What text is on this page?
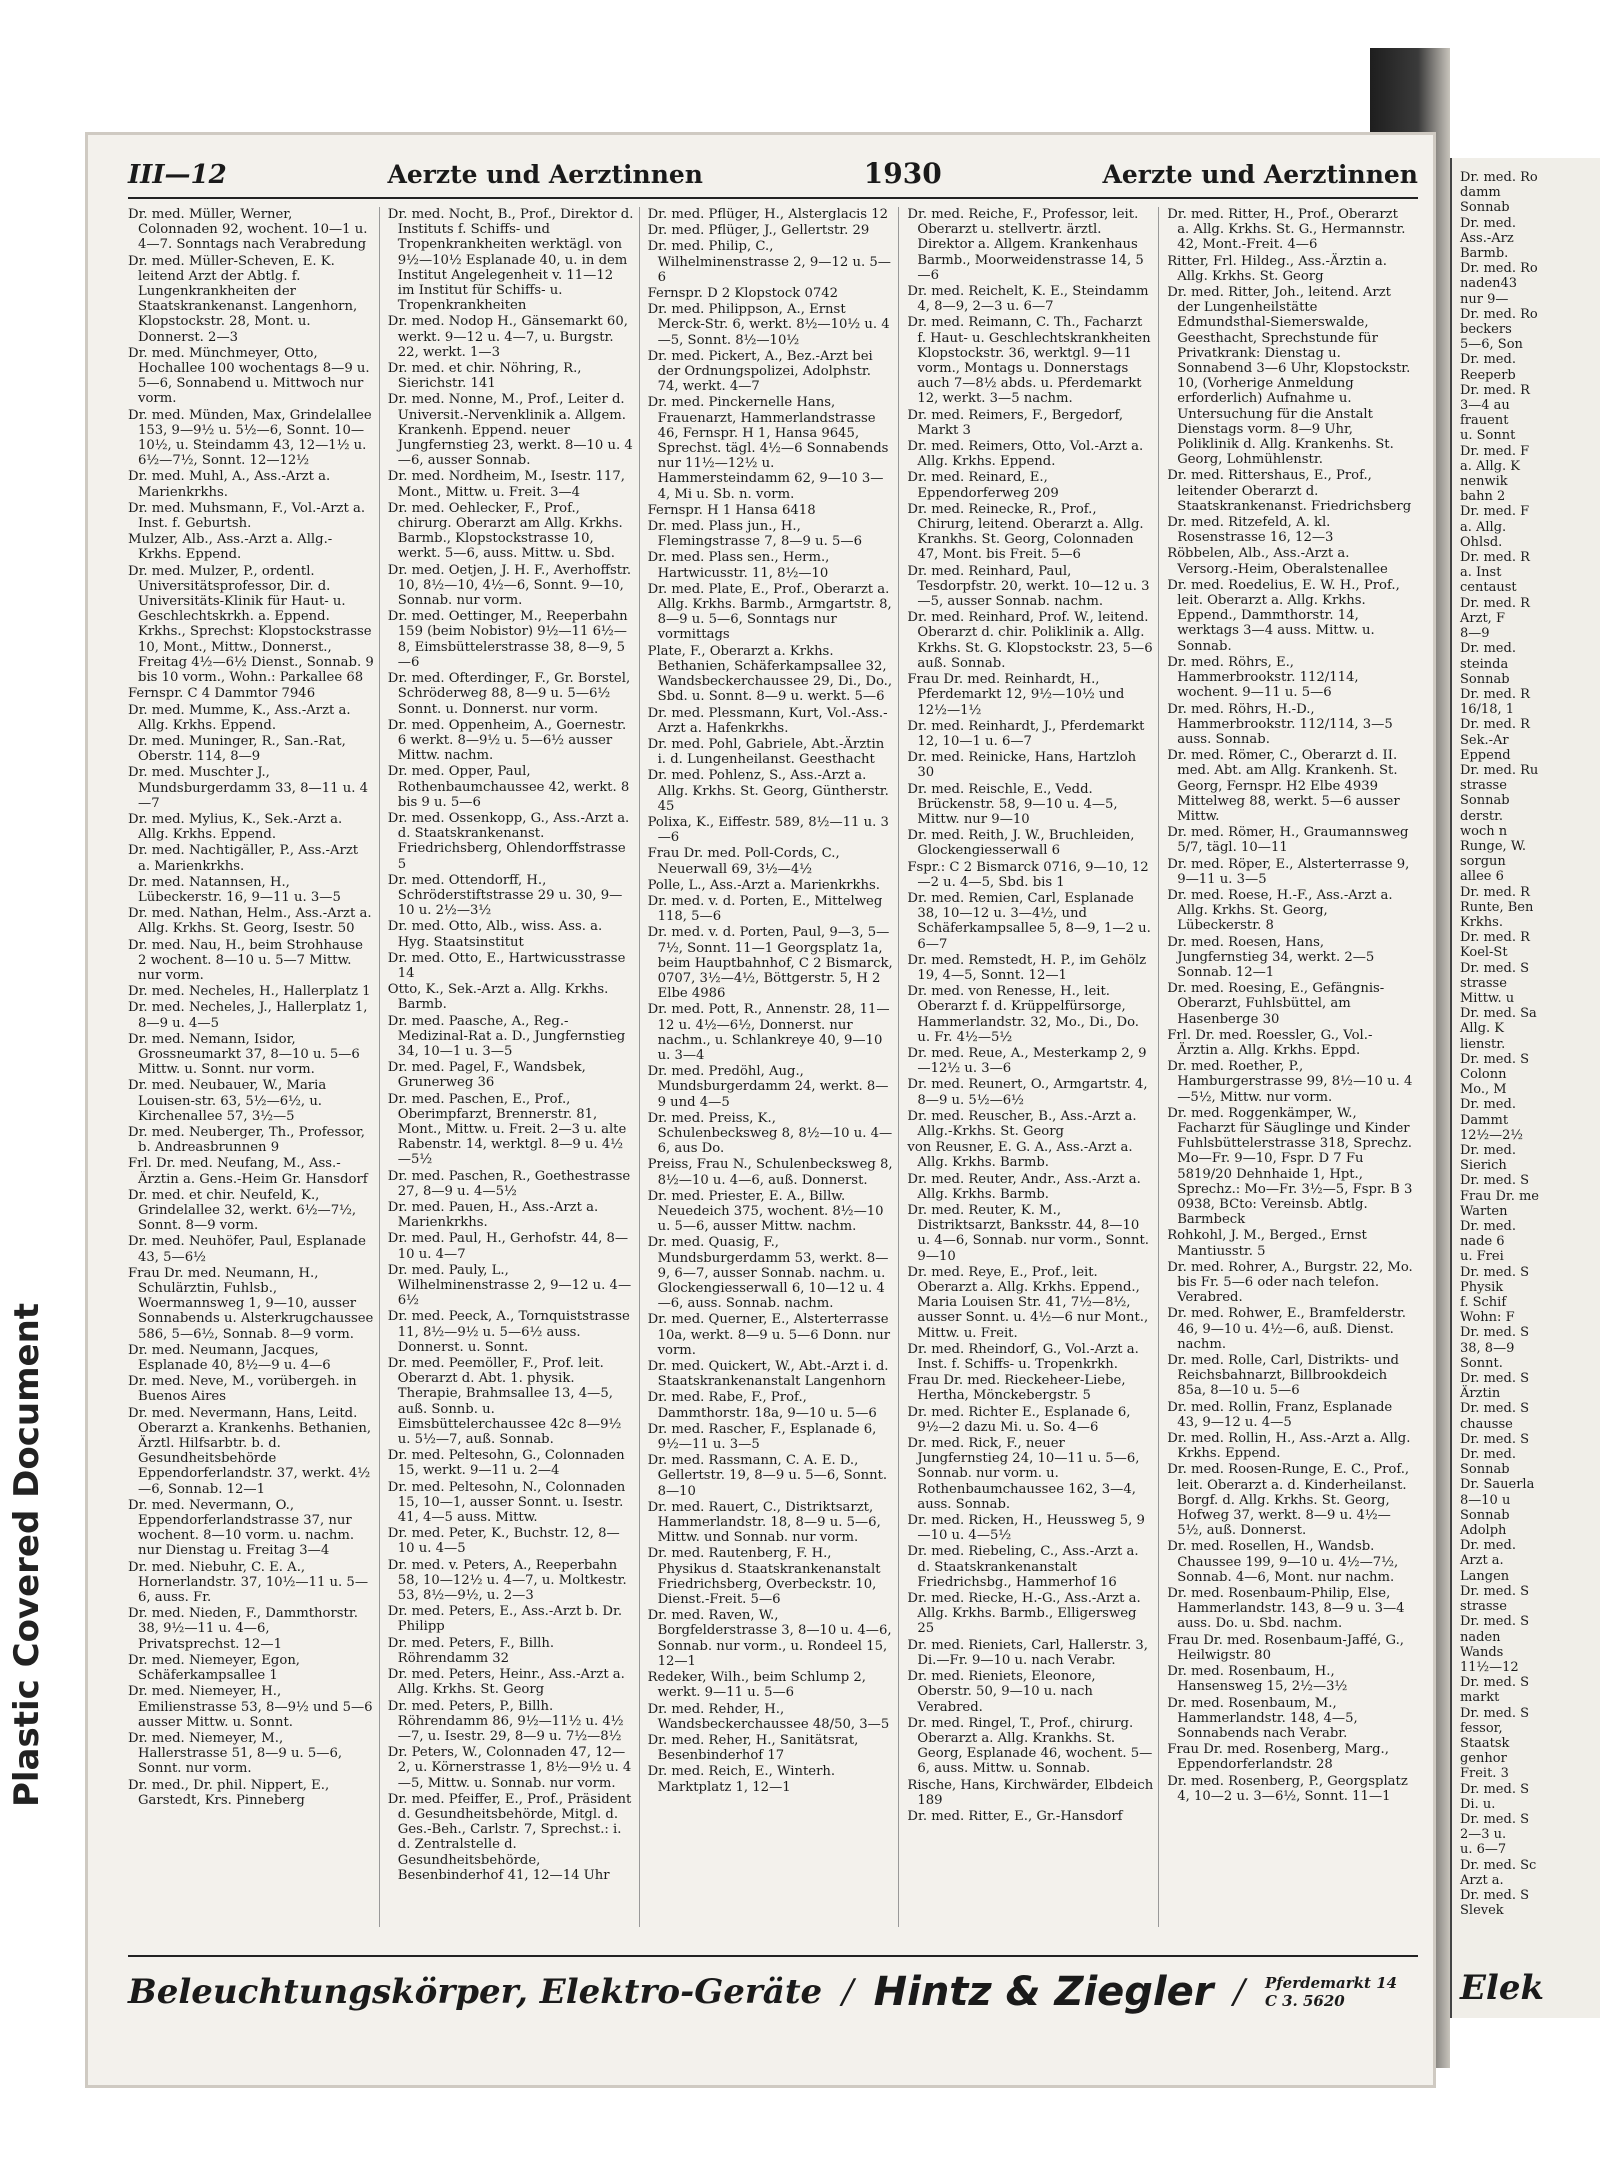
Plastic Covered Document
III—12	Aerzte und Aerztinnen	1930	Aerzte und Aerztinnen

Dr. med. Müller, Werner, Colonnaden 92, wochent. 10—1 u. 4—7. Sonntags nach Verabredung

Dr. med. Müller-Scheven, E. K. leitend Arzt der Abtlg. f. Lungenkrankheiten der Staatskrankenanst. Langenhorn, Klopstockstr. 28, Mont. u. Donnerst. 2—3

Dr. med. Münchmeyer, Otto, Hochallee 100 wochentags 8—9 u. 5—6, Sonnabend u. Mittwoch nur vorm.

Dr. med. Münden, Max, Grindelallee 153, 9—9½ u. 5½—6, Sonnt. 10—10½, u. Steindamm 43, 12—1½ u. 6½—7½, Sonnt. 12—12½

Dr. med. Muhl, A., Ass.-Arzt a. Marienkrkhs.

Dr. med. Muhsmann, F., Vol.-Arzt a. Inst. f. Geburtsh.

Mulzer, Alb., Ass.-Arzt a. Allg.-Krkhs. Eppend.

Dr. med. Mulzer, P., ordentl. Universitätsprofessor, Dir. d. Universitäts-Klinik für Haut- u. Geschlechtskrkh. a. Eppend. Krkhs., Sprechst: Klopstockstrasse 10, Mont., Mittw., Donnerst., Freitag 4½—6½ Dienst., Sonnab. 9 bis 10 vorm., Wohn.: Parkallee 68

Fernspr. C 4 Dammtor 7946

Dr. med. Mumme, K., Ass.-Arzt a. Allg. Krkhs. Eppend.

Dr. med. Muninger, R., San.-Rat, Oberstr. 114, 8—9

Dr. med. Muschter J., Mundsburgerdamm 33, 8—11 u. 4—7

Dr. med. Mylius, K., Sek.-Arzt a. Allg. Krkhs. Eppend.

Dr. med. Nachtigäller, P., Ass.-Arzt a. Marienkrkhs.

Dr. med. Natannsen, H., Lübeckerstr. 16, 9—11 u. 3—5

Dr. med. Nathan, Helm., Ass.-Arzt a. Allg. Krkhs. St. Georg, Isestr. 50

Dr. med. Nau, H., beim Strohhause 2 wochent. 8—10 u. 5—7 Mittw. nur vorm.

Dr. med. Necheles, H., Hallerplatz 1

Dr. med. Necheles, J., Hallerplatz 1, 8—9 u. 4—5

Dr. med. Nemann, Isidor, Grossneumarkt 37, 8—10 u. 5—6 Mittw. u. Sonnt. nur vorm.

Dr. med. Neubauer, W., Maria Louisen-str. 63, 5½—6½, u. Kirchenallee 57, 3½—5

Dr. med. Neuberger, Th., Professor, b. Andreasbrunnen 9

Frl. Dr. med. Neufang, M., Ass.-Ärztin a. Gens.-Heim Gr. Hansdorf

Dr. med. et chir. Neufeld, K., Grindelallee 32, werkt. 6½—7½, Sonnt. 8—9 vorm.

Dr. med. Neuhöfer, Paul, Esplanade 43, 5—6½

Frau Dr. med. Neumann, H., Schulärztin, Fuhlsb., Woermannsweg 1, 9—10, ausser Sonnabends u. Alsterkrugchaussee 586, 5—6½, Sonnab. 8—9 vorm.

Dr. med. Neumann, Jacques, Esplanade 40, 8½—9 u. 4—6

Dr. med. Neve, M., vorübergeh. in Buenos Aires

Dr. med. Nevermann, Hans, Leitd. Oberarzt a. Krankenhs. Bethanien, Ärztl. Hilfsarbtr. b. d. Gesundheitsbehörde Eppendorferlandstr. 37, werkt. 4½—6, Sonnab. 12—1

Dr. med. Nevermann, O., Eppendorferlandstrasse 37, nur wochent. 8—10 vorm. u. nachm. nur Dienstag u. Freitag 3—4

Dr. med. Niebuhr, C. E. A., Hornerlandstr. 37, 10½—11 u. 5—6, auss. Fr.

Dr. med. Nieden, F., Dammthorstr. 38, 9½—11 u. 4—6, Privatsprechst. 12—1

Dr. med. Niemeyer, Egon, Schäferkampsallee 1

Dr. med. Niemeyer, H., Emilienstrasse 53, 8—9½ und 5—6 ausser Mittw. u. Sonnt.

Dr. med. Niemeyer, M., Hallerstrasse 51, 8—9 u. 5—6, Sonnt. nur vorm.

Dr. med., Dr. phil. Nippert, E., Garstedt, Krs. Pinneberg

Dr. med. Nocht, B., Prof., Direktor d. Instituts f. Schiffs- und Tropenkrankheiten werktägl. von 9½—10½ Esplanade 40, u. in dem Institut Angelegenheit v. 11—12 im Institut für Schiffs- u. Tropenkrankheiten

Dr. med. Nodop H., Gänsemarkt 60, werkt. 9—12 u. 4—7, u. Burgstr. 22, werkt. 1—3

Dr. med. et chir. Nöhring, R., Sierichstr. 141

Dr. med. Nonne, M., Prof., Leiter d. Universit.-Nervenklinik a. Allgem. Krankenh. Eppend. neuer Jungfernstieg 23, werkt. 8—10 u. 4—6, ausser Sonnab.

Dr. med. Nordheim, M., Isestr. 117, Mont., Mittw. u. Freit. 3—4

Dr. med. Oehlecker, F., Prof., chirurg. Oberarzt am Allg. Krkhs. Barmb., Klopstockstrasse 10, werkt. 5—6, auss. Mittw. u. Sbd.

Dr. med. Oetjen, J. H. F., Averhoffstr. 10, 8½—10, 4½—6, Sonnt. 9—10, Sonnab. nur vorm.

Dr. med. Oettinger, M., Reeperbahn 159 (beim Nobistor) 9½—11 6½—8, Eimsbüttelerstrasse 38, 8—9, 5—6

Dr. med. Ofterdinger, F., Gr. Borstel, Schröderweg 88, 8—9 u. 5—6½ Sonnt. u. Donnerst. nur vorm.

Dr. med. Oppenheim, A., Goernestr. 6 werkt. 8—9½ u. 5—6½ ausser Mittw. nachm.

Dr. med. Opper, Paul, Rothenbaumchaussee 42, werkt. 8 bis 9 u. 5—6

Dr. med. Ossenkopp, G., Ass.-Arzt a. d. Staatskrankenanst. Friedrichsberg, Ohlendorffstrasse 5

Dr. med. Ottendorff, H., Schröderstiftstrasse 29 u. 30, 9—10 u. 2½—3½

Dr. med. Otto, Alb., wiss. Ass. a. Hyg. Staatsinstitut

Dr. med. Otto, E., Hartwicusstrasse 14

Otto, K., Sek.-Arzt a. Allg. Krkhs. Barmb.

Dr. med. Paasche, A., Reg.-Medizinal-Rat a. D., Jungfernstieg 34, 10—1 u. 3—5

Dr. med. Pagel, F., Wandsbek, Grunerweg 36

Dr. med. Paschen, E., Prof., Oberimpfarzt, Brennerstr. 81, Mont., Mittw. u. Freit. 2—3 u. alte Rabenstr. 14, werktgl. 8—9 u. 4½—5½

Dr. med. Paschen, R., Goethestrasse 27, 8—9 u. 4—5½

Dr. med. Pauen, H., Ass.-Arzt a. Marienkrkhs.

Dr. med. Paul, H., Gerhofstr. 44, 8—10 u. 4—7

Dr. med. Pauly, L., Wilhelminenstrasse 2, 9—12 u. 4—6½

Dr. med. Peeck, A., Tornquiststrasse 11, 8½—9½ u. 5—6½ auss. Donnerst. u. Sonnt.

Dr. med. Peemöller, F., Prof. leit. Oberarzt d. Abt. 1. physik. Therapie, Brahmsallee 13, 4—5, auß. Sonnb. u. Eimsbüttelerchaussee 42c 8—9½ u. 5½—7, auß. Sonnab.

Dr. med. Peltesohn, G., Colonnaden 15, werkt. 9—11 u. 2—4

Dr. med. Peltesohn, N., Colonnaden 15, 10—1, ausser Sonnt. u. Isestr. 41, 4—5 auss. Mittw.

Dr. med. Peter, K., Buchstr. 12, 8—10 u. 4—5

Dr. med. v. Peters, A., Reeperbahn 58, 10—12½ u. 4—7, u. Moltkestr. 53, 8½—9½, u. 2—3

Dr. med. Peters, E., Ass.-Arzt b. Dr. Philipp

Dr. med. Peters, F., Billh. Röhrendamm 32

Dr. med. Peters, Heinr., Ass.-Arzt a. Allg. Krkhs. St. Georg

Dr. med. Peters, P., Billh. Röhrendamm 86, 9½—11½ u. 4½—7, u. Isestr. 29, 8—9 u. 7½—8½

Dr. Peters, W., Colonnaden 47, 12—2, u. Körnerstrasse 1, 8½—9½ u. 4—5, Mittw. u. Sonnab. nur vorm.

Dr. med. Pfeiffer, E., Prof., Präsident d. Gesundheitsbehörde, Mitgl. d. Ges.-Beh., Carlstr. 7, Sprechst.: i. d. Zentralstelle d. Gesundheitsbehörde, Besenbinderhof 41, 12—14 Uhr

Dr. med. Pflüger, H., Alsterglacis 12

Dr. med. Pflüger, J., Gellertstr. 29

Dr. med. Philip, C., Wilhelminenstrasse 2, 9—12 u. 5—6

Fernspr. D 2 Klopstock 0742

Dr. med. Philippson, A., Ernst Merck-Str. 6, werkt. 8½—10½ u. 4—5, Sonnt. 8½—10½

Dr. med. Pickert, A., Bez.-Arzt bei der Ordnungspolizei, Adolphstr. 74, werkt. 4—7

Dr. med. Pinckernelle Hans, Frauenarzt, Hammerlandstrasse 46, Fernspr. H 1, Hansa 9645, Sprechst. tägl. 4½—6 Sonnabends nur 11½—12½ u. Hammersteindamm 62, 9—10 3—4, Mi u. Sb. n. vorm.

Fernspr. H 1 Hansa 6418

Dr. med. Plass jun., H., Flemingstrasse 7, 8—9 u. 5—6

Dr. med. Plass sen., Herm., Hartwicusstr. 11, 8½—10

Dr. med. Plate, E., Prof., Oberarzt a. Allg. Krkhs. Barmb., Armgartstr. 8, 8—9 u. 5—6, Sonntags nur vormittags

Plate, F., Oberarzt a. Krkhs. Bethanien, Schäferkampsallee 32, Wandsbeckerchaussee 29, Di., Do., Sbd. u. Sonnt. 8—9 u. werkt. 5—6

Dr. med. Plessmann, Kurt, Vol.-Ass.-Arzt a. Hafenkrkhs.

Dr. med. Pohl, Gabriele, Abt.-Ärztin i. d. Lungenheilanst. Geesthacht

Dr. med. Pohlenz, S., Ass.-Arzt a. Allg. Krkhs. St. Georg, Güntherstr. 45

Polixa, K., Eiffestr. 589, 8½—11 u. 3—6

Frau Dr. med. Poll-Cords, C., Neuerwall 69, 3½—4½

Polle, L., Ass.-Arzt a. Marienkrkhs.

Dr. med. v. d. Porten, E., Mittelweg 118, 5—6

Dr. med. v. d. Porten, Paul, 9—3, 5—7½, Sonnt. 11—1 Georgsplatz 1a, beim Hauptbahnhof, C 2 Bismarck, 0707, 3½—4½, Böttgerstr. 5, H 2 Elbe 4986

Dr. med. Pott, R., Annenstr. 28, 11—12 u. 4½—6½, Donnerst. nur nachm., u. Schlankreye 40, 9—10 u. 3—4

Dr. med. Predöhl, Aug., Mundsburgerdamm 24, werkt. 8—9 und 4—5

Dr. med. Preiss, K., Schulenbecksweg 8, 8½—10 u. 4—6, aus Do.

Preiss, Frau N., Schulenbecksweg 8, 8½—10 u. 4—6, auß. Donnerst.

Dr. med. Priester, E. A., Billw. Neuedeich 375, wochent. 8½—10 u. 5—6, ausser Mittw. nachm.

Dr. med. Quasig, F., Mundsburgerdamm 53, werkt. 8—9, 6—7, ausser Sonnab. nachm. u. Glockengiesserwall 6, 10—12 u. 4—6, auss. Sonnab. nachm.

Dr. med. Querner, E., Alsterterrasse 10a, werkt. 8—9 u. 5—6 Donn. nur vorm.

Dr. med. Quickert, W., Abt.-Arzt i. d. Staatskrankenanstalt Langenhorn

Dr. med. Rabe, F., Prof., Dammthorstr. 18a, 9—10 u. 5—6

Dr. med. Rascher, F., Esplanade 6, 9½—11 u. 3—5

Dr. med. Rassmann, C. A. E. D., Gellertstr. 19, 8—9 u. 5—6, Sonnt. 8—10

Dr. med. Rauert, C., Distriktsarzt, Hammerlandstr. 18, 8—9 u. 5—6, Mittw. und Sonnab. nur vorm.

Dr. med. Rautenberg, F. H., Physikus d. Staatskrankenanstalt Friedrichsberg, Overbeckstr. 10, Dienst.-Freit. 5—6

Dr. med. Raven, W., Borgfelderstrasse 3, 8—10 u. 4—6, Sonnab. nur vorm., u. Rondeel 15, 12—1

Redeker, Wilh., beim Schlump 2, werkt. 9—11 u. 5—6

Dr. med. Rehder, H., Wandsbeckerchaussee 48/50, 3—5

Dr. med. Reher, H., Sanitätsrat, Besenbinderhof 17

Dr. med. Reich, E., Winterh. Marktplatz 1, 12—1

Dr. med. Reiche, F., Professor, leit. Oberarzt u. stellvertr. ärztl. Direktor a. Allgem. Krankenhaus Barmb., Moorweidenstrasse 14, 5—6

Dr. med. Reichelt, K. E., Steindamm 4, 8—9, 2—3 u. 6—7

Dr. med. Reimann, C. Th., Facharzt f. Haut- u. Geschlechtskrankheiten Klopstockstr. 36, werktgl. 9—11 vorm., Montags u. Donnerstags auch 7—8½ abds. u. Pferdemarkt 12, werkt. 3—5 nachm.

Dr. med. Reimers, F., Bergedorf, Markt 3

Dr. med. Reimers, Otto, Vol.-Arzt a. Allg. Krkhs. Eppend.

Dr. med. Reinard, E., Eppendorferweg 209

Dr. med. Reinecke, R., Prof., Chirurg, leitend. Oberarzt a. Allg. Krankhs. St. Georg, Colonnaden 47, Mont. bis Freit. 5—6

Dr. med. Reinhard, Paul, Tesdorpfstr. 20, werkt. 10—12 u. 3—5, ausser Sonnab. nachm.

Dr. med. Reinhard, Prof. W., leitend. Oberarzt d. chir. Poliklinik a. Allg. Krkhs. St. G. Klopstockstr. 23, 5—6 auß. Sonnab.

Frau Dr. med. Reinhardt, H., Pferdemarkt 12, 9½—10½ und 12½—1½

Dr. med. Reinhardt, J., Pferdemarkt 12, 10—1 u. 6—7

Dr. med. Reinicke, Hans, Hartzloh 30

Dr. med. Reischle, E., Vedd. Brückenstr. 58, 9—10 u. 4—5, Mittw. nur 9—10

Dr. med. Reith, J. W., Bruchleiden, Glockengiesserwall 6

Fspr.: C 2 Bismarck 0716, 9—10, 12—2 u. 4—5, Sbd. bis 1

Dr. med. Remien, Carl, Esplanade 38, 10—12 u. 3—4½, und Schäferkampsallee 5, 8—9, 1—2 u. 6—7

Dr. med. Remstedt, H. P., im Gehölz 19, 4—5, Sonnt. 12—1

Dr. med. von Renesse, H., leit. Oberarzt f. d. Krüppelfürsorge, Hammerlandstr. 32, Mo., Di., Do. u. Fr. 4½—5½

Dr. med. Reue, A., Mesterkamp 2, 9—12½ u. 3—6

Dr. med. Reunert, O., Armgartstr. 4, 8—9 u. 5½—6½

Dr. med. Reuscher, B., Ass.-Arzt a. Allg.-Krkhs. St. Georg

von Reusner, E. G. A., Ass.-Arzt a. Allg. Krkhs. Barmb.

Dr. med. Reuter, Andr., Ass.-Arzt a. Allg. Krkhs. Barmb.

Dr. med. Reuter, K. M., Distriktsarzt, Banksstr. 44, 8—10 u. 4—6, Sonnab. nur vorm., Sonnt. 9—10

Dr. med. Reye, E., Prof., leit. Oberarzt a. Allg. Krkhs. Eppend., Maria Louisen Str. 41, 7½—8½, ausser Sonnt. u. 4½—6 nur Mont., Mittw. u. Freit.

Dr. med. Rheindorf, G., Vol.-Arzt a. Inst. f. Schiffs- u. Tropenkrkh.

Frau Dr. med. Rieckeheer-Liebe, Hertha, Mönckebergstr. 5

Dr. med. Richter E., Esplanade 6, 9½—2 dazu Mi. u. So. 4—6

Dr. med. Rick, F., neuer Jungfernstieg 24, 10—11 u. 5—6, Sonnab. nur vorm. u. Rothenbaumchaussee 162, 3—4, auss. Sonnab.

Dr. med. Ricken, H., Heussweg 5, 9—10 u. 4—5½

Dr. med. Riebeling, C., Ass.-Arzt a. d. Staatskrankenanstalt Friedrichsbg., Hammerhof 16

Dr. med. Riecke, H.-G., Ass.-Arzt a. Allg. Krkhs. Barmb., Elligersweg 25

Dr. med. Rieniets, Carl, Hallerstr. 3, Di.—Fr. 9—10 u. nach Verabr.

Dr. med. Rieniets, Eleonore, Oberstr. 50, 9—10 u. nach Verabred.

Dr. med. Ringel, T., Prof., chirurg. Oberarzt a. Allg. Krankhs. St. Georg, Esplanade 46, wochent. 5—6, auss. Mittw. u. Sonnab.

Rische, Hans, Kirchwärder, Elbdeich 189

Dr. med. Ritter, E., Gr.-Hansdorf

Dr. med. Ritter, H., Prof., Oberarzt a. Allg. Krkhs. St. G., Hermannstr. 42, Mont.-Freit. 4—6

Ritter, Frl. Hildeg., Ass.-Ärztin a. Allg. Krkhs. St. Georg

Dr. med. Ritter, Joh., leitend. Arzt der Lungenheilstätte Edmundsthal-Siemerswalde, Geesthacht, Sprechstunde für Privatkrank: Dienstag u. Sonnabend 3—6 Uhr, Klopstockstr. 10, (Vorherige Anmeldung erforderlich) Aufnahme u. Untersuchung für die Anstalt Dienstags vorm. 8—9 Uhr, Poliklinik d. Allg. Krankenhs. St. Georg, Lohmühlenstr.

Dr. med. Rittershaus, E., Prof., leitender Oberarzt d. Staatskrankenanst. Friedrichsberg

Dr. med. Ritzefeld, A. kl. Rosenstrasse 16, 12—3

Röbbelen, Alb., Ass.-Arzt a. Versorg.-Heim, Oberalstenallee

Dr. med. Roedelius, E. W. H., Prof., leit. Oberarzt a. Allg. Krkhs. Eppend., Dammthorstr. 14, werktags 3—4 auss. Mittw. u. Sonnab.

Dr. med. Röhrs, E., Hammerbrookstr. 112/114, wochent. 9—11 u. 5—6

Dr. med. Röhrs, H.-D., Hammerbrookstr. 112/114, 3—5 auss. Sonnab.

Dr. med. Römer, C., Oberarzt d. II. med. Abt. am Allg. Krankenh. St. Georg, Fernspr. H2 Elbe 4939 Mittelweg 88, werkt. 5—6 ausser Mittw.

Dr. med. Römer, H., Graumannsweg 5/7, tägl. 10—11

Dr. med. Röper, E., Alsterterrasse 9, 9—11 u. 3—5

Dr. med. Roese, H.-F., Ass.-Arzt a. Allg. Krkhs. St. Georg, Lübeckerstr. 8

Dr. med. Roesen, Hans, Jungfernstieg 34, werkt. 2—5 Sonnab. 12—1

Dr. med. Roesing, E., Gefängnis-Oberarzt, Fuhlsbüttel, am Hasenberge 30

Frl. Dr. med. Roessler, G., Vol.-Ärztin a. Allg. Krkhs. Eppd.

Dr. med. Roether, P., Hamburgerstrasse 99, 8½—10 u. 4—5½, Mittw. nur vorm.

Dr. med. Roggenkämper, W., Facharzt für Säuglinge und Kinder Fuhlsbüttelerstrasse 318, Sprechz. Mo—Fr. 9—10, Fspr. D 7 Fu 5819/20 Dehnhaide 1, Hpt., Sprechz.: Mo—Fr. 3½—5, Fspr. B 3 0938, BCto: Vereinsb. Abtlg. Barmbeck

Rohkohl, J. M., Berged., Ernst Mantiusstr. 5

Dr. med. Rohrer, A., Burgstr. 22, Mo. bis Fr. 5—6 oder nach telefon. Verabred.

Dr. med. Rohwer, E., Bramfelderstr. 46, 9—10 u. 4½—6, auß. Dienst. nachm.

Dr. med. Rolle, Carl, Distrikts- und Reichsbahnarzt, Billbrookdeich 85a, 8—10 u. 5—6

Dr. med. Rollin, Franz, Esplanade 43, 9—12 u. 4—5

Dr. med. Rollin, H., Ass.-Arzt a. Allg. Krkhs. Eppend.

Dr. med. Roosen-Runge, E. C., Prof., leit. Oberarzt a. d. Kinderheilanst. Borgf. d. Allg. Krkhs. St. Georg, Hofweg 37, werkt. 8—9 u. 4½—5½, auß. Donnerst.

Dr. med. Rosellen, H., Wandsb. Chaussee 199, 9—10 u. 4½—7½, Sonnab. 4—6, Mont. nur nachm.

Dr. med. Rosenbaum-Philip, Else, Hammerlandstr. 143, 8—9 u. 3—4 auss. Do. u. Sbd. nachm.

Frau Dr. med. Rosenbaum-Jaffé, G., Heilwigstr. 80

Dr. med. Rosenbaum, H., Hansensweg 15, 2½—3½

Dr. med. Rosenbaum, M., Hammerlandstr. 148, 4—5, Sonnabends nach Verabr.

Frau Dr. med. Rosenberg, Marg., Eppendorferlandstr. 28

Dr. med. Rosenberg, P., Georgsplatz 4, 10—2 u. 3—6½, Sonnt. 11—1

Beleuchtungskörper, Elektro-Geräte / Hintz & Ziegler / Pferdemarkt 14
C 3. 5620
Dr. med. Ro
damm
Sonnab
Dr. med.
Ass.-Arz
Barmb.
Dr. med. Ro
naden43
nur 9—
Dr. med. Ro
beckers
5—6, Son
Dr. med.
Reeperb
Dr. med. R
3—4 au
frauent
u. Sonnt
Dr. med. F
a. Allg. K
nenwik
bahn 2
Dr. med. F
a. Allg.
Ohlsd.
Dr. med. R
a. Inst
centaust
Dr. med. R
Arzt, F
8—9
Dr. med.
steinda
Sonnab
Dr. med. R
16/18, 1
Dr. med. R
Sek.-Ar
Eppend
Dr. med. Ru
strasse
Sonnab
derstr.
woch n
Runge, W.
sorgun
allee 6
Dr. med. R
Runte, Ben
Krkhs.
Dr. med. R
Koel-St
Dr. med. S
strasse
Mittw. u
Dr. med. Sa
Allg. K
lienstr.
Dr. med. S
Colonn
Mo., M
Dr. med.
Dammt
12½—2½
Dr. med.
Sierich
Dr. med. S
Frau Dr. me
Warten
Dr. med.
nade 6
u. Frei
Dr. med. S
Physik
f. Schif
Wohn: F
Dr. med. S
38, 8—9
Sonnt.
Dr. med. S
Ärztin
Dr. med. S
chausse
Dr. med. S
Dr. med.
Sonnab
Dr. Sauerla
8—10 u
Sonnab
Adolph
Dr. med.
Arzt a.
Langen
Dr. med. S
strasse
Dr. med. S
naden
Wands
11½—12
Dr. med. S
markt
Dr. med. S
fessor,
Staatsk
genhor
Freit. 3
Dr. med. S
Di. u.
Dr. med. S
2—3 u.
u. 6—7
Dr. med. Sc
Arzt a.
Dr. med. S
Slevek
Elek
